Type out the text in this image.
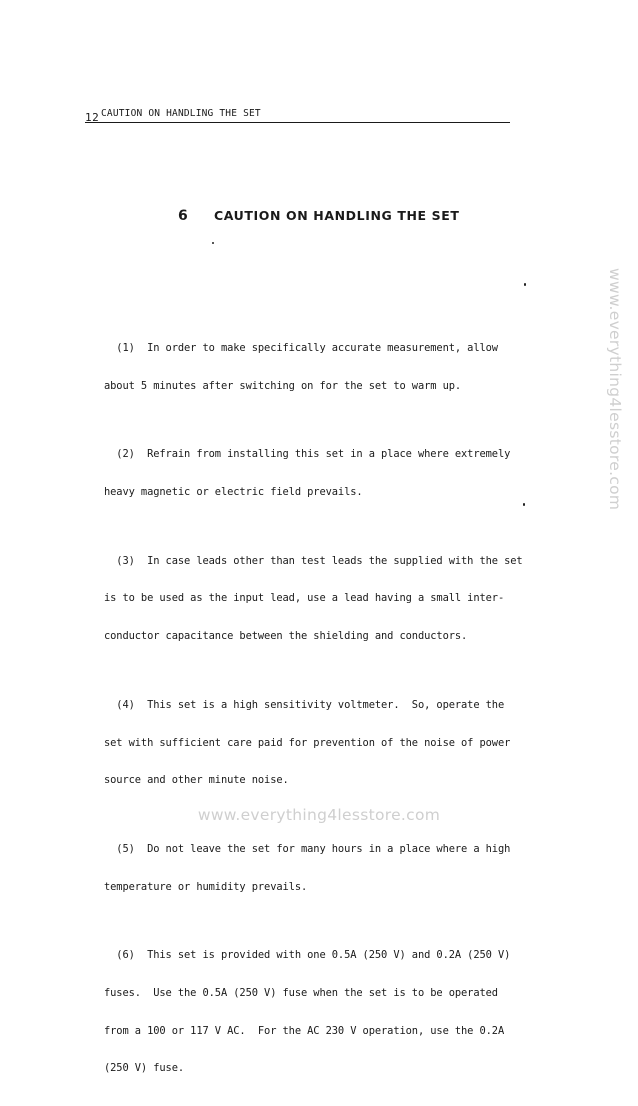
12 CAUTION ON HANDLING THE SET
6 CAUTION ON HANDLING THE SET

(1)  In order to make specifically accurate measurement, allow

about 5 minutes after switching on for the set to warm up.

(2)  Refrain from installing this set in a place where extremely

heavy magnetic or electric field prevails.

(3)  In case leads other than test leads the supplied with the set

is to be used as the input lead, use a lead having a small inter-

conductor capacitance between the shielding and conductors.

(4)  This set is a high sensitivity voltmeter.  So, operate the

set with sufficient care paid for prevention of the noise of power

source and other minute noise.

(5)  Do not leave the set for many hours in a place where a high

temperature or humidity prevails.

(6)  This set is provided with one 0.5A (250 V) and 0.2A (250 V)

fuses.  Use the 0.5A (250 V) fuse when the set is to be operated

from a 100 or 117 V AC.  For the AC 230 V operation, use the 0.2A

(250 V) fuse.

www.everything4lesstore.com
www.everything4lesstore.com
